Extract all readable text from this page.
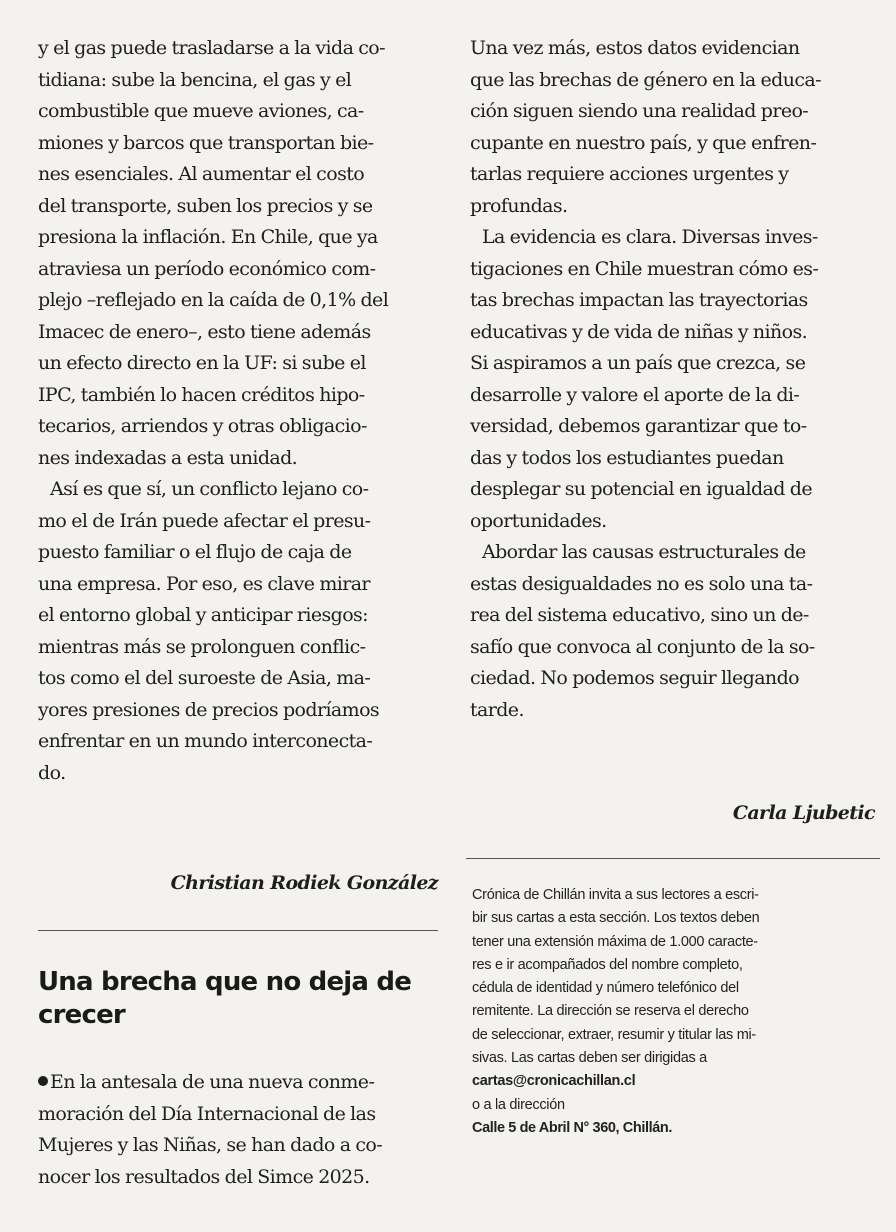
y el gas puede trasladarse a la vida co-
tidiana: sube la bencina, el gas y el
combustible que mueve aviones, ca-
miones y barcos que transportan bie-
nes esenciales. Al aumentar el costo
del transporte, suben los precios y se
presiona la inflación. En Chile, que ya
atraviesa un período económico com-
plejo –reflejado en la caída de 0,1% del
Imacec de enero–, esto tiene además
un efecto directo en la UF: si sube el
IPC, también lo hacen créditos hipo-
tecarios, arriendos y otras obligacio-
nes indexadas a esta unidad.
Así es que sí, un conflicto lejano co-
mo el de Irán puede afectar el presu-
puesto familiar o el flujo de caja de
una empresa. Por eso, es clave mirar
el entorno global y anticipar riesgos:
mientras más se prolonguen conflic-
tos como el del suroeste de Asia, ma-
yores presiones de precios podríamos
enfrentar en un mundo interconecta-
do.
Christian Rodiek González
Una brecha que no deja de
crecer
En la antesala de una nueva conme-
moración del Día Internacional de las
Mujeres y las Niñas, se han dado a co-
nocer los resultados del Simce 2025.
Una vez más, estos datos evidencian
que las brechas de género en la educa-
ción siguen siendo una realidad preo-
cupante en nuestro país, y que enfren-
tarlas requiere acciones urgentes y
profundas.
La evidencia es clara. Diversas inves-
tigaciones en Chile muestran cómo es-
tas brechas impactan las trayectorias
educativas y de vida de niñas y niños.
Si aspiramos a un país que crezca, se
desarrolle y valore el aporte de la di-
versidad, debemos garantizar que to-
das y todos los estudiantes puedan
desplegar su potencial en igualdad de
oportunidades.
Abordar las causas estructurales de
estas desigualdades no es solo una ta-
rea del sistema educativo, sino un de-
safío que convoca al conjunto de la so-
ciedad. No podemos seguir llegando
tarde.
Carla Ljubetic
Crónica de Chillán invita a sus lectores a escri-
bir sus cartas a esta sección. Los textos deben
tener una extensión máxima de 1.000 caracte-
res e ir acompañados del nombre completo,
cédula de identidad y número telefónico del
remitente. La dirección se reserva el derecho
de seleccionar, extraer, resumir y titular las mi-
sivas. Las cartas deben ser dirigidas a
cartas@cronicachillan.cl
o a la dirección
Calle 5 de Abril N° 360, Chillán.
